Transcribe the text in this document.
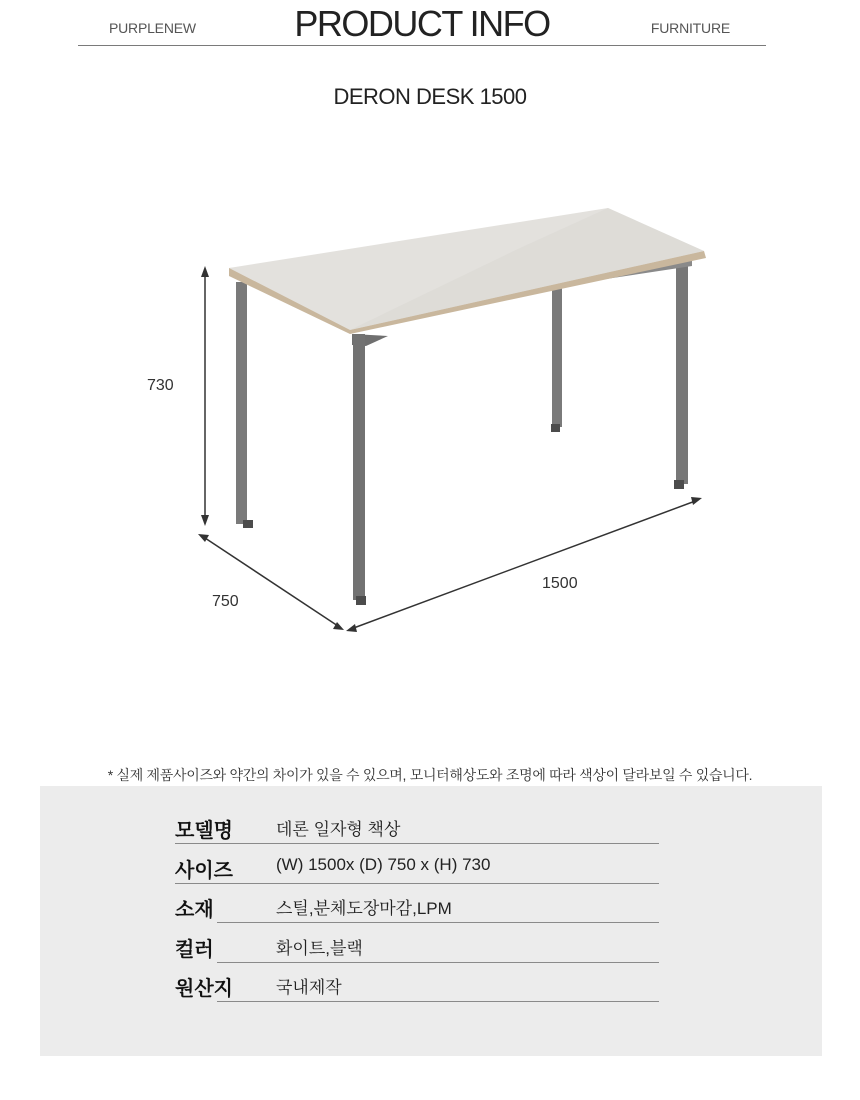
PURPLENEW	PRODUCT INFO	FURNITURE
DERON DESK 1500
730
750
1500
* 실제 제품사이즈와 약간의 차이가 있을 수 있으며, 모니터해상도와 조명에 따라 색상이 달라보일 수 있습니다.
모델명	데론 일자형 책상
사이즈	(W) 1500x (D) 750 x (H) 730
소재	스틸,분체도장마감,LPM
컬러	화이트,블랙
원산지	국내제작
